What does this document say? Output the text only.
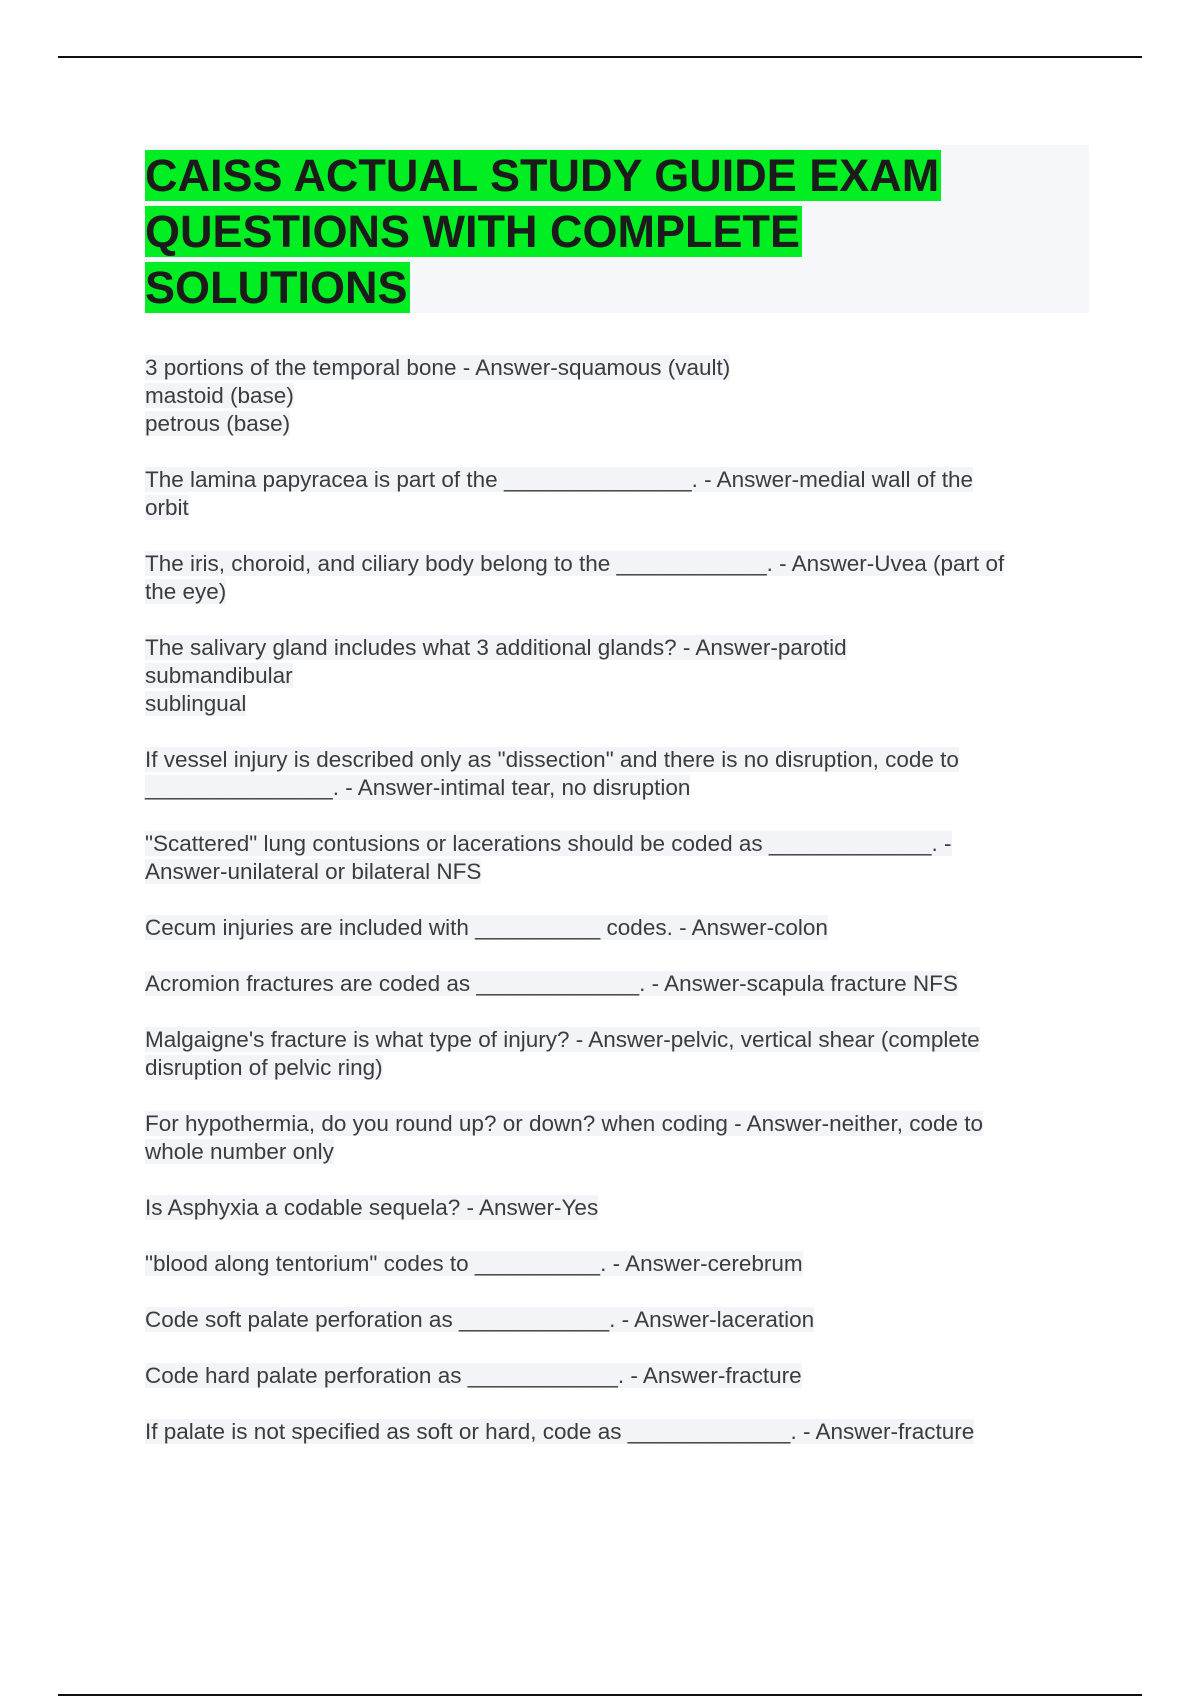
CAISS ACTUAL STUDY GUIDE EXAM QUESTIONS WITH COMPLETE SOLUTIONS
3 portions of the temporal bone - Answer-squamous (vault)
mastoid (base)
petrous (base)
The lamina papyracea is part of the _______________. - Answer-medial wall of the
orbit
The iris, choroid, and ciliary body belong to the ____________. - Answer-Uvea (part of
the eye)
The salivary gland includes what 3 additional glands? - Answer-parotid
submandibular
sublingual
If vessel injury is described only as "dissection" and there is no disruption, code to
_______________. - Answer-intimal tear, no disruption
"Scattered" lung contusions or lacerations should be coded as _____________. -
Answer-unilateral or bilateral NFS
Cecum injuries are included with __________ codes. - Answer-colon
Acromion fractures are coded as _____________. - Answer-scapula fracture NFS
Malgaigne's fracture is what type of injury? - Answer-pelvic, vertical shear (complete
disruption of pelvic ring)
For hypothermia, do you round up? or down? when coding - Answer-neither, code to
whole number only
Is Asphyxia a codable sequela? - Answer-Yes
"blood along tentorium" codes to __________. - Answer-cerebrum
Code soft palate perforation as ____________. - Answer-laceration
Code hard palate perforation as ____________. - Answer-fracture
If palate is not specified as soft or hard, code as _____________. - Answer-fracture
